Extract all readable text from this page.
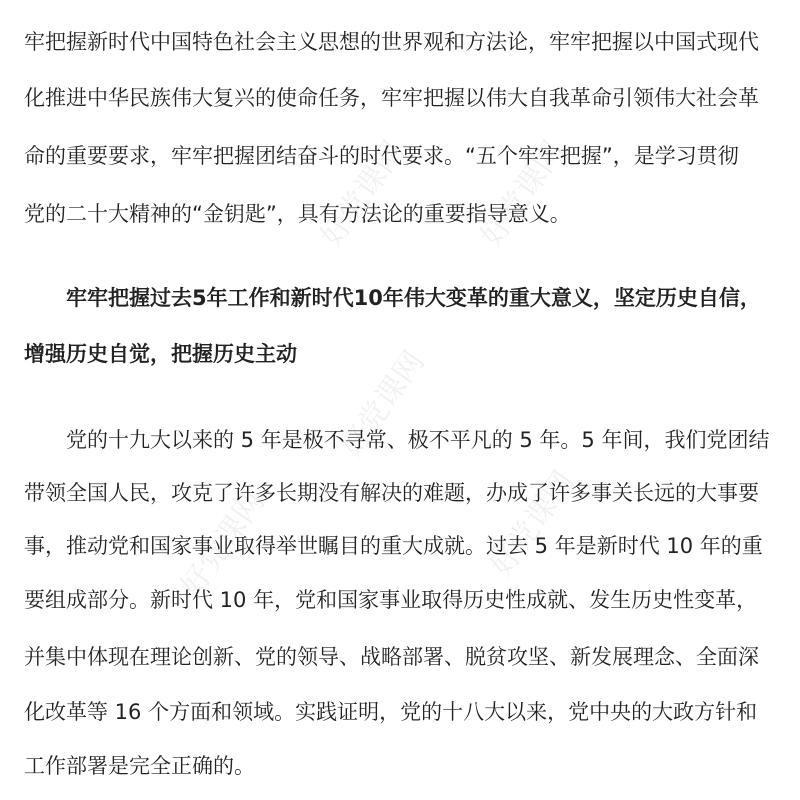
好党课网 好党课网
好党课网
好党课网	好党课网
牢把握新时代中国特色社会主义思想的世界观和方法论，牢牢把握以中国式现代
化推进中华民族伟大复兴的使命任务，牢牢把握以伟大自我革命引领伟大社会革
命的重要要求，牢牢把握团结奋斗的时代要求。“五个牢牢把握”，是学习贯彻
党的二十大精神的“金钥匙”，具有方法论的重要指导意义。
牢牢把握过去5年工作和新时代10年伟大变革的重大意义，坚定历史自信，
增强历史自觉，把握历史主动
党的十九大以来的 5 年是极不寻常、极不平凡的 5 年。5 年间，我们党团结
带领全国人民，攻克了许多长期没有解决的难题，办成了许多事关长远的大事要
事，推动党和国家事业取得举世瞩目的重大成就。过去 5 年是新时代 10 年的重
要组成部分。新时代 10 年，党和国家事业取得历史性成就、发生历史性变革，
并集中体现在理论创新、党的领导、战略部署、脱贫攻坚、新发展理念、全面深
化改革等 16 个方面和领域。实践证明，党的十八大以来，党中央的大政方针和
工作部署是完全正确的。
